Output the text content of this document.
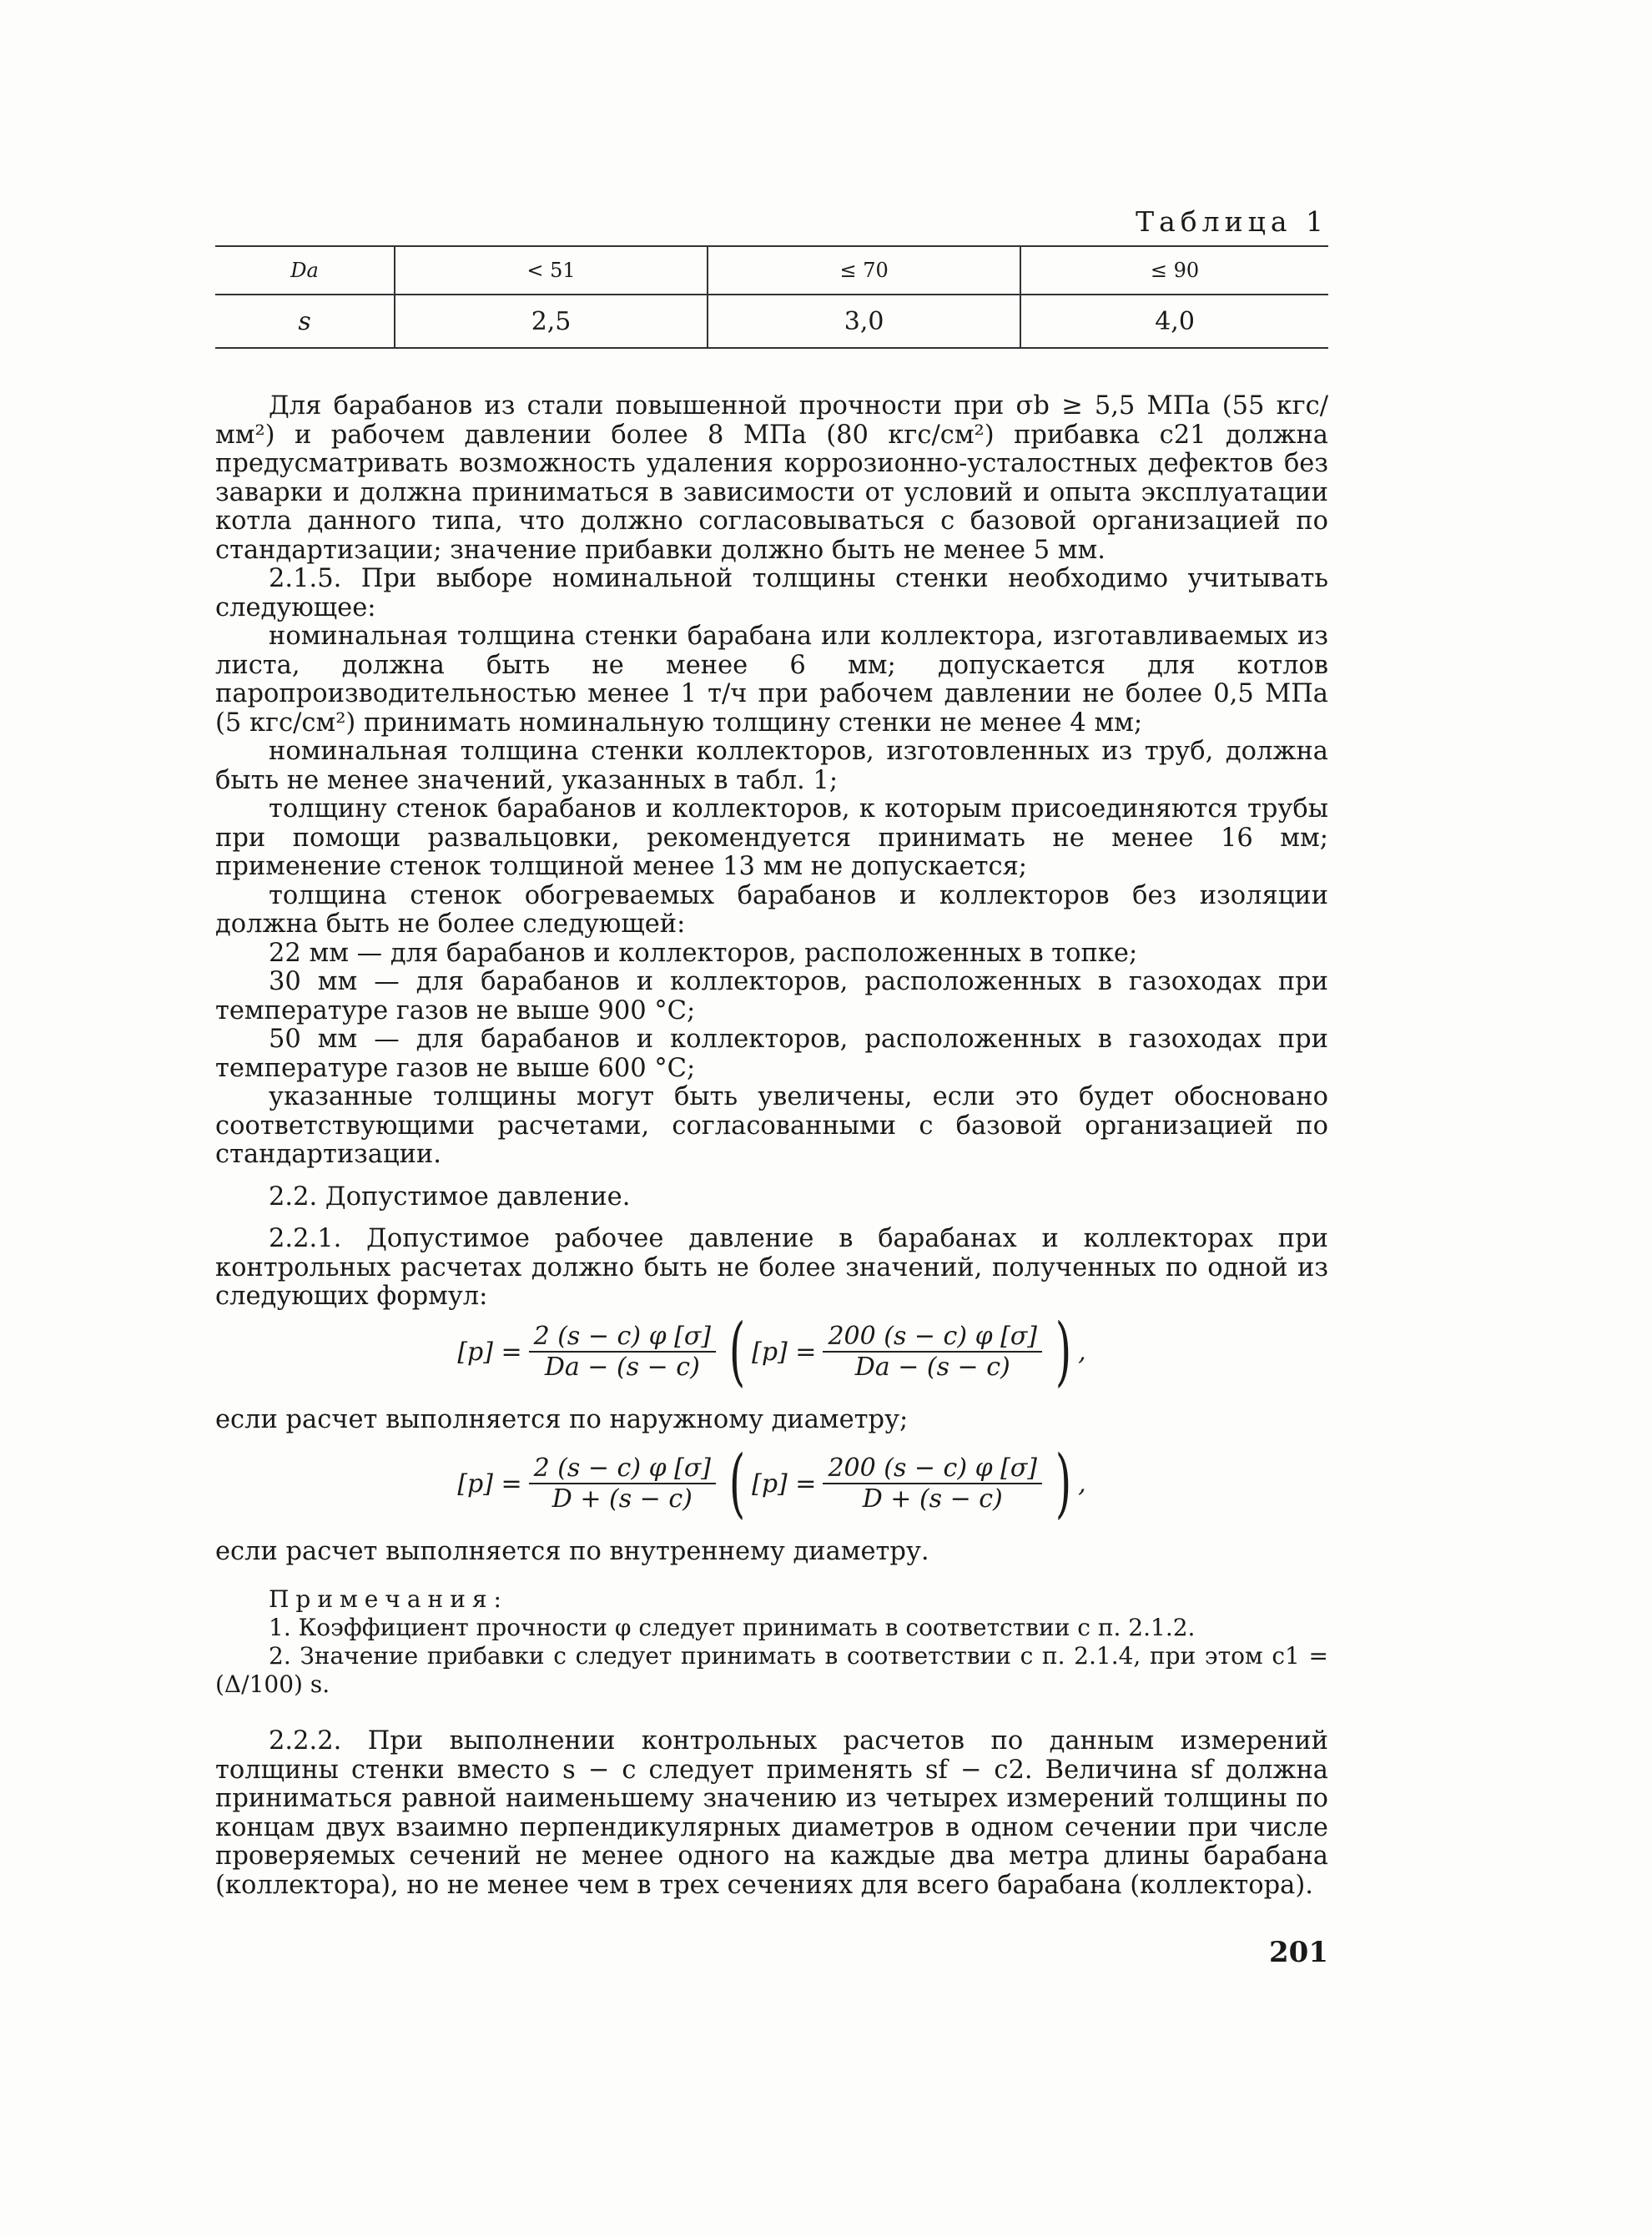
Таблица 1
Da	< 51	≤ 70	≤ 90
s	2,5	3,0	4,0

Для барабанов из стали повышенной прочности при σb ≥ 5,5 МПа (55 кгс/мм²) и рабочем давлении более 8 МПа (80 кгс/см²) прибавка c21 должна предусматривать возможность удаления коррозионно-усталостных дефектов без заварки и должна приниматься в зависимости от условий и опыта эксплуатации котла данного типа, что должно согласовываться с базовой организацией по стандартизации; значение прибавки должно быть не менее 5 мм.

2.1.5. При выборе номинальной толщины стенки необходимо учитывать следующее:

номинальная толщина стенки барабана или коллектора, изготавливаемых из листа, должна быть не менее 6 мм; допускается для котлов паропроизводительностью менее 1 т/ч при рабочем давлении не более 0,5 МПа (5 кгс/см²) принимать номинальную толщину стенки не менее 4 мм;

номинальная толщина стенки коллекторов, изготовленных из труб, должна быть не менее значений, указанных в табл. 1;

толщину стенок барабанов и коллекторов, к которым присоединяются трубы при помощи развальцовки, рекомендуется принимать не менее 16 мм; применение стенок толщиной менее 13 мм не допускается;

толщина стенок обогреваемых барабанов и коллекторов без изоляции должна быть не более следующей:

22 мм — для барабанов и коллекторов, расположенных в топке;

30 мм — для барабанов и коллекторов, расположенных в газоходах при температуре газов не выше 900 °C;

50 мм — для барабанов и коллекторов, расположенных в газоходах при температуре газов не выше 600 °C;

указанные толщины могут быть увеличены, если это будет обосновано соответствующими расчетами, согласованными с базовой организацией по стандартизации.

2.2. Допустимое давление.

2.2.1. Допустимое рабочее давление в барабанах и коллекторах при контрольных расчетах должно быть не более значений, полученных по одной из следующих формул:

$[p] = \frac{2 (s - c) \varphi [\sigma]}{Da - (s - c)}$ ( $[p] = \frac{200 (s - c) \varphi [\sigma]}{Da - (s - c)}$ ) ,

если расчет выполняется по наружному диаметру;

$[p] = \frac{2 (s - c) \varphi [\sigma]}{D + (s - c)}$ ( $[p] = \frac{200 (s - c) \varphi [\sigma]}{D + (s - c)}$ ) ,

если расчет выполняется по внутреннему диаметру.

Примечания:

1. Коэффициент прочности φ следует принимать в соответствии с п. 2.1.2.

2. Значение прибавки c следует принимать в соответствии с п. 2.1.4, при этом c1 = (Δ/100) s.

2.2.2. При выполнении контрольных расчетов по данным измерений толщины стенки вместо s − c следует применять sf − c2. Величина sf должна приниматься равной наименьшему значению из четырех измерений толщины по концам двух взаимно перпендикулярных диаметров в одном сечении при числе проверяемых сечений не менее одного на каждые два метра длины барабана (коллектора), но не менее чем в трех сечениях для всего барабана (коллектора).

201
